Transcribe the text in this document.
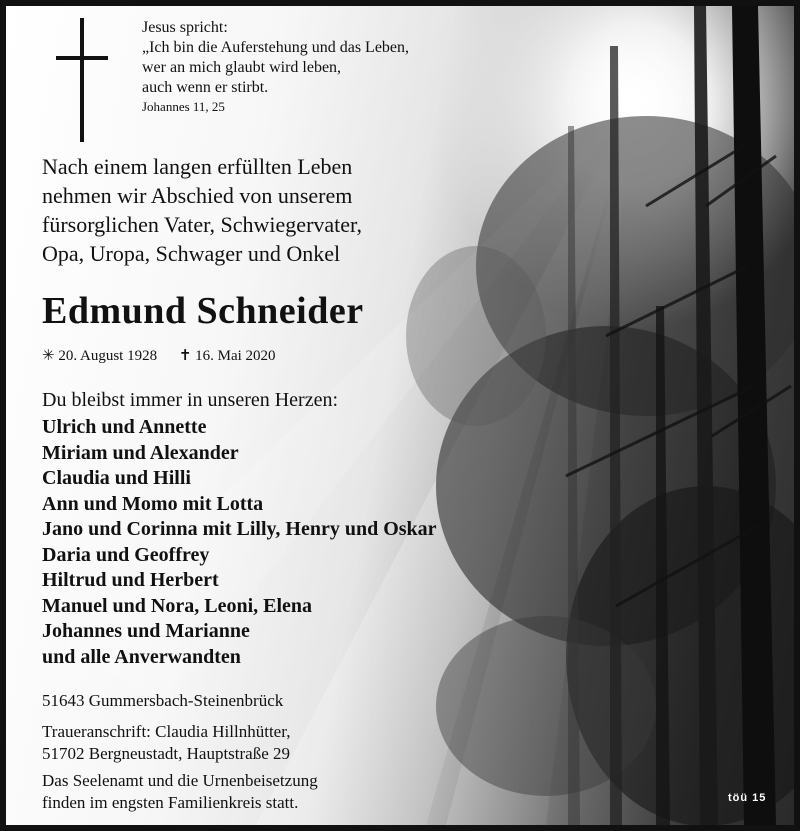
Jesus spricht:
„Ich bin die Auferstehung und das Leben,
wer an mich glaubt wird leben,
auch wenn er stirbt.
Johannes 11, 25
Nach einem langen erfüllten Leben
nehmen wir Abschied von unserem
fürsorglichen Vater, Schwiegervater,
Opa, Uropa, Schwager und Onkel
Edmund Schneider
✳ 20. August 1928 ✝ 16. Mai 2020
Du bleibst immer in unseren Herzen:
Ulrich und Annette
Miriam und Alexander
Claudia und Hilli
Ann und Momo mit Lotta
Jano und Corinna mit Lilly, Henry und Oskar
Daria und Geoffrey
Hiltrud und Herbert
Manuel und Nora, Leoni, Elena
Johannes und Marianne
und alle Anverwandten
51643 Gummersbach-Steinenbrück
Traueranschrift: Claudia Hillnhütter,
51702 Bergneustadt, Hauptstraße 29
Das Seelenamt und die Urnenbeisetzung
finden im engsten Familienkreis statt.	töü 15
